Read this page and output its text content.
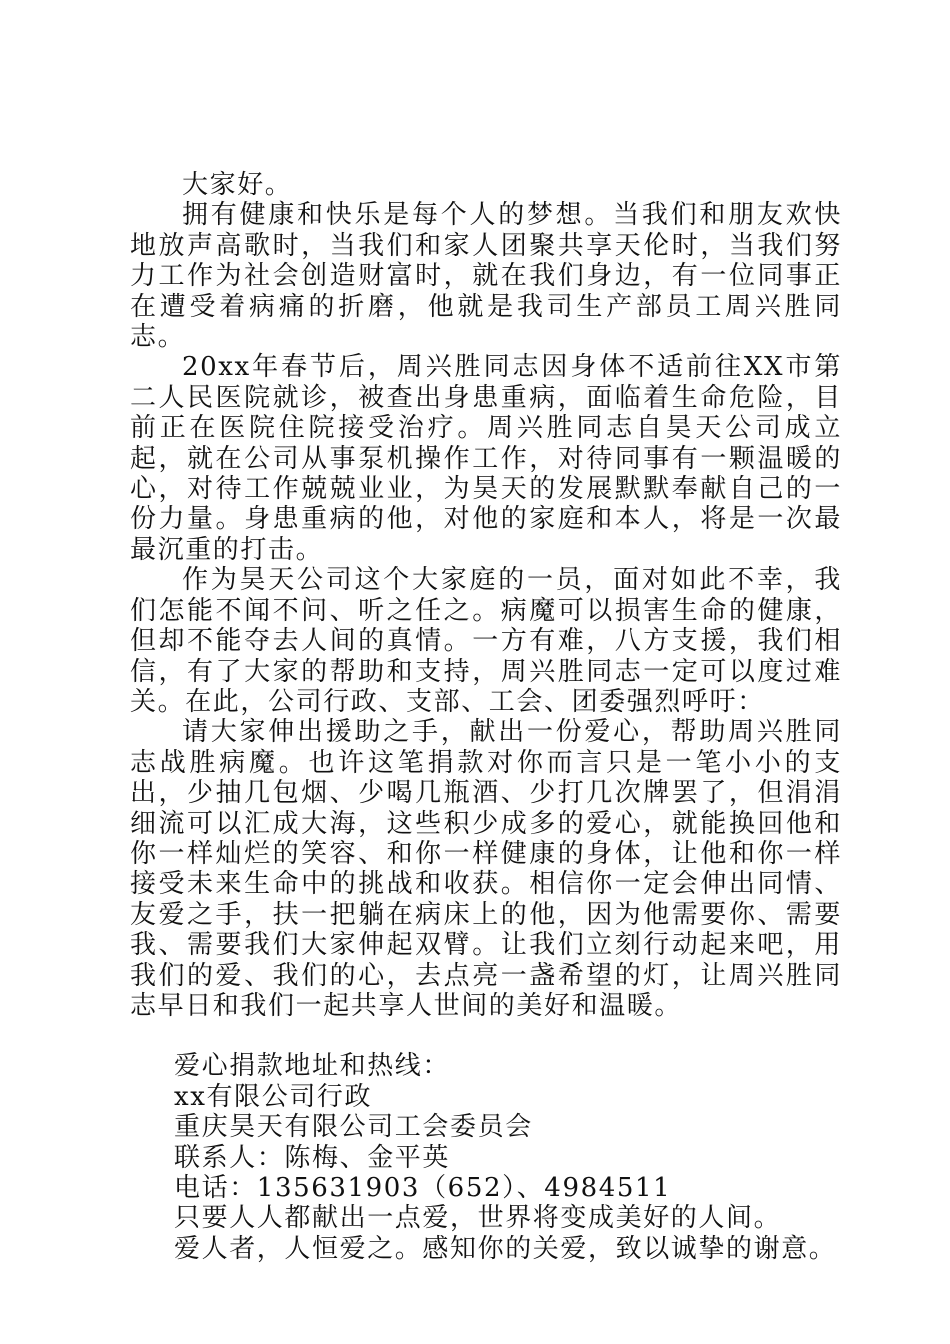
大家好。

拥有健康和快乐是每个人的梦想。当我们和朋友欢快地放声高歌时，当我们和家人团聚共享天伦时，当我们努力工作为社会创造财富时，就在我们身边，有一位同事正在遭受着病痛的折磨，他就是我司生产部员工周兴胜同志。

20xx年春节后，周兴胜同志因身体不适前往XX市第二人民医院就诊，被查出身患重病，面临着生命危险，目前正在医院住院接受治疗。周兴胜同志自昊天公司成立起，就在公司从事泵机操作工作，对待同事有一颗温暖的心，对待工作兢兢业业，为昊天的发展默默奉献自己的一份力量。身患重病的他，对他的家庭和本人，将是一次最最沉重的打击。

作为昊天公司这个大家庭的一员，面对如此不幸，我们怎能不闻不问、听之任之。病魔可以损害生命的健康，但却不能夺去人间的真情。一方有难，八方支援，我们相信，有了大家的帮助和支持，周兴胜同志一定可以度过难关。在此，公司行政、支部、工会、团委强烈呼吁：

请大家伸出援助之手，献出一份爱心，帮助周兴胜同志战胜病魔。也许这笔捐款对你而言只是一笔小小的支出，少抽几包烟、少喝几瓶酒、少打几次牌罢了，但涓涓细流可以汇成大海，这些积少成多的爱心，就能换回他和你一样灿烂的笑容、和你一样健康的身体，让他和你一样接受未来生命中的挑战和收获。相信你一定会伸出同情、友爱之手，扶一把躺在病床上的他，因为他需要你、需要我、需要我们大家伸起双臂。让我们立刻行动起来吧，用我们的爱、我们的心，去点亮一盏希望的灯，让周兴胜同志早日和我们一起共享人世间的美好和温暖。

爱心捐款地址和热线：

xx有限公司行政

重庆昊天有限公司工会委员会

联系人：陈梅、金平英

电话：135631903（652）、4984511

只要人人都献出一点爱，世界将变成美好的人间。

爱人者，人恒爱之。感知你的关爱，致以诚挚的谢意。
